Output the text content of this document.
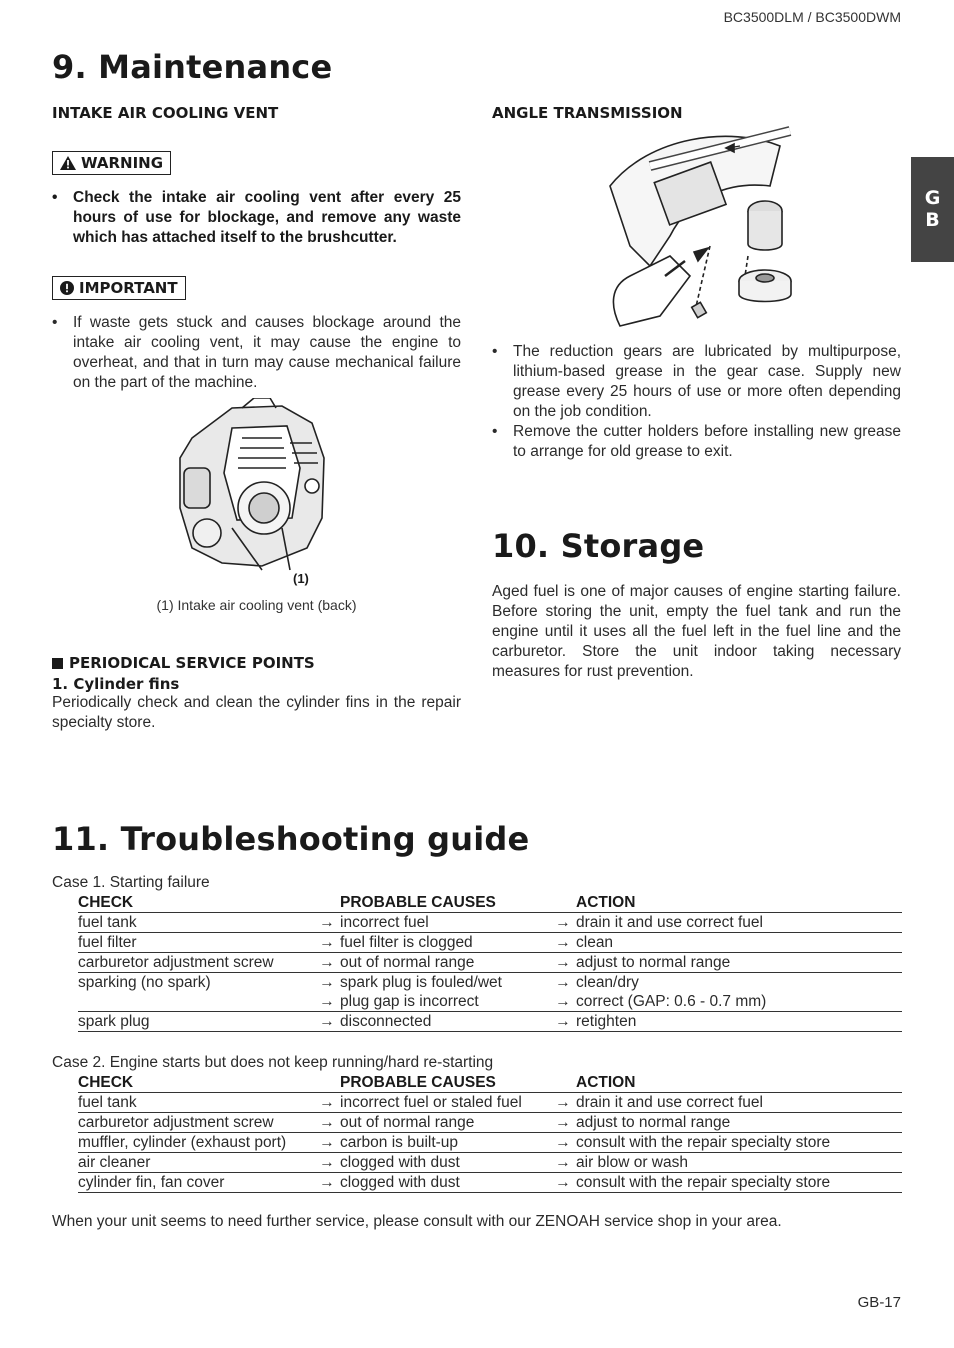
BC3500DLM / BC3500DWM
G
B
9. Maintenance
INTAKE AIR COOLING VENT
WARNING
• Check the intake air cooling vent after every 25 hours of use for blockage, and remove any waste which has attached itself to the brushcutter.
IMPORTANT
• If waste gets stuck and causes blockage around the intake air cooling vent, it may cause the engine to overheat, and that in turn may cause mechanical failure on the part of the machine.
(1)
(1) Intake air cooling vent (back)
PERIODICAL SERVICE POINTS
1. Cylinder fins
Periodically check and clean the cylinder fins in the repair specialty store.
ANGLE TRANSMISSION
• The reduction gears are lubricated by multipurpose, lithium-based grease in the gear case. Supply new grease every 25 hours of use or more often depending on the job condition.
• Remove the cutter holders before installing new grease to arrange for old grease to exit.
10. Storage
Aged fuel is one of major causes of engine starting failure. Before storing the unit, empty the fuel tank and run the engine until it uses all the fuel left in the fuel line and the carburetor. Store the unit indoor taking necessary measures for rust prevention.
11. Troubleshooting guide
Case 1. Starting failure
CHECK		PROBABLE CAUSES		ACTION
fuel tank	→	incorrect fuel	→	drain it and use correct fuel
fuel filter	→	fuel filter is clogged	→	clean
carburetor adjustment screw	→	out of normal range	→	adjust to normal range
sparking (no spark)	→	spark plug is fouled/wet	→	clean/dry
	→	plug gap is incorrect	→	correct (GAP: 0.6 - 0.7 mm)
spark plug	→	disconnected	→	retighten
Case 2. Engine starts but does not keep running/hard re-starting
CHECK		PROBABLE CAUSES		ACTION
fuel tank	→	incorrect fuel or staled fuel	→	drain it and use correct fuel
carburetor adjustment screw	→	out of normal range	→	adjust to normal range
muffler, cylinder (exhaust port)	→	carbon is built-up	→	consult with the repair specialty store
air cleaner	→	clogged with dust	→	air blow or wash
cylinder fin, fan cover	→	clogged with dust	→	consult with the repair specialty store
When your unit seems to need further service, please consult with our ZENOAH service shop in your area.
GB-17
